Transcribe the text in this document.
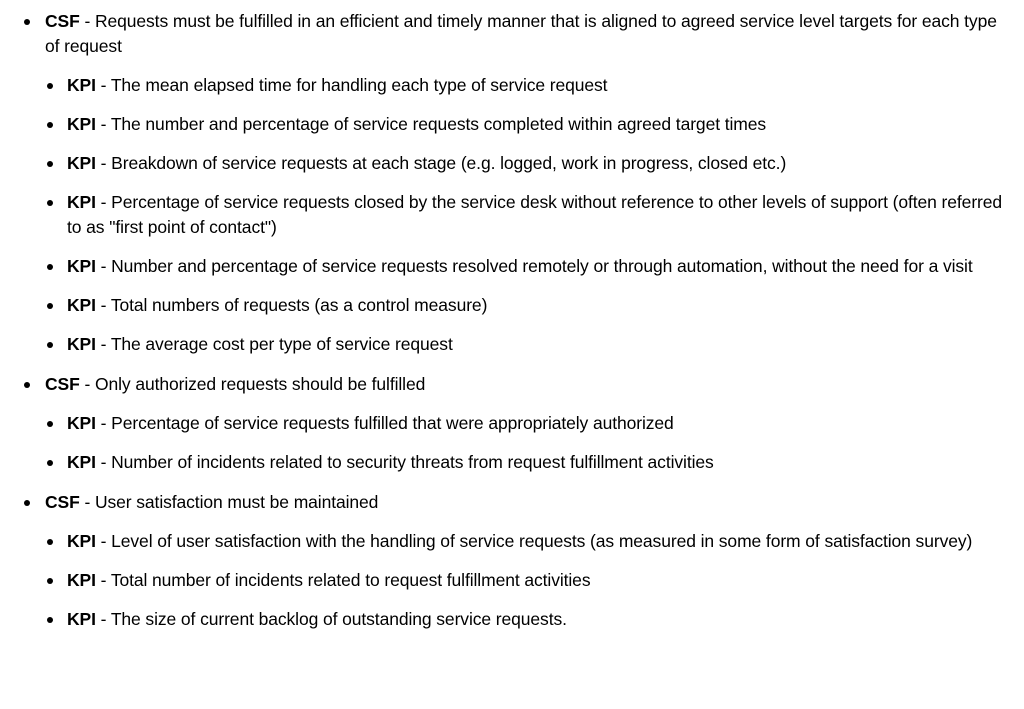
CSF - Requests must be fulfilled in an efficient and timely manner that is aligned to agreed service level targets for each type of request
KPI - The mean elapsed time for handling each type of service request
KPI - The number and percentage of service requests completed within agreed target times
KPI - Breakdown of service requests at each stage (e.g. logged, work in progress, closed etc.)
KPI - Percentage of service requests closed by the service desk without reference to other levels of support (often referred to as "first point of contact")
KPI - Number and percentage of service requests resolved remotely or through automation, without the need for a visit
KPI - Total numbers of requests (as a control measure)
KPI - The average cost per type of service request
CSF - Only authorized requests should be fulfilled
KPI - Percentage of service requests fulfilled that were appropriately authorized
KPI - Number of incidents related to security threats from request fulfillment activities
CSF - User satisfaction must be maintained
KPI - Level of user satisfaction with the handling of service requests (as measured in some form of satisfaction survey)
KPI - Total number of incidents related to request fulfillment activities
KPI - The size of current backlog of outstanding service requests.
